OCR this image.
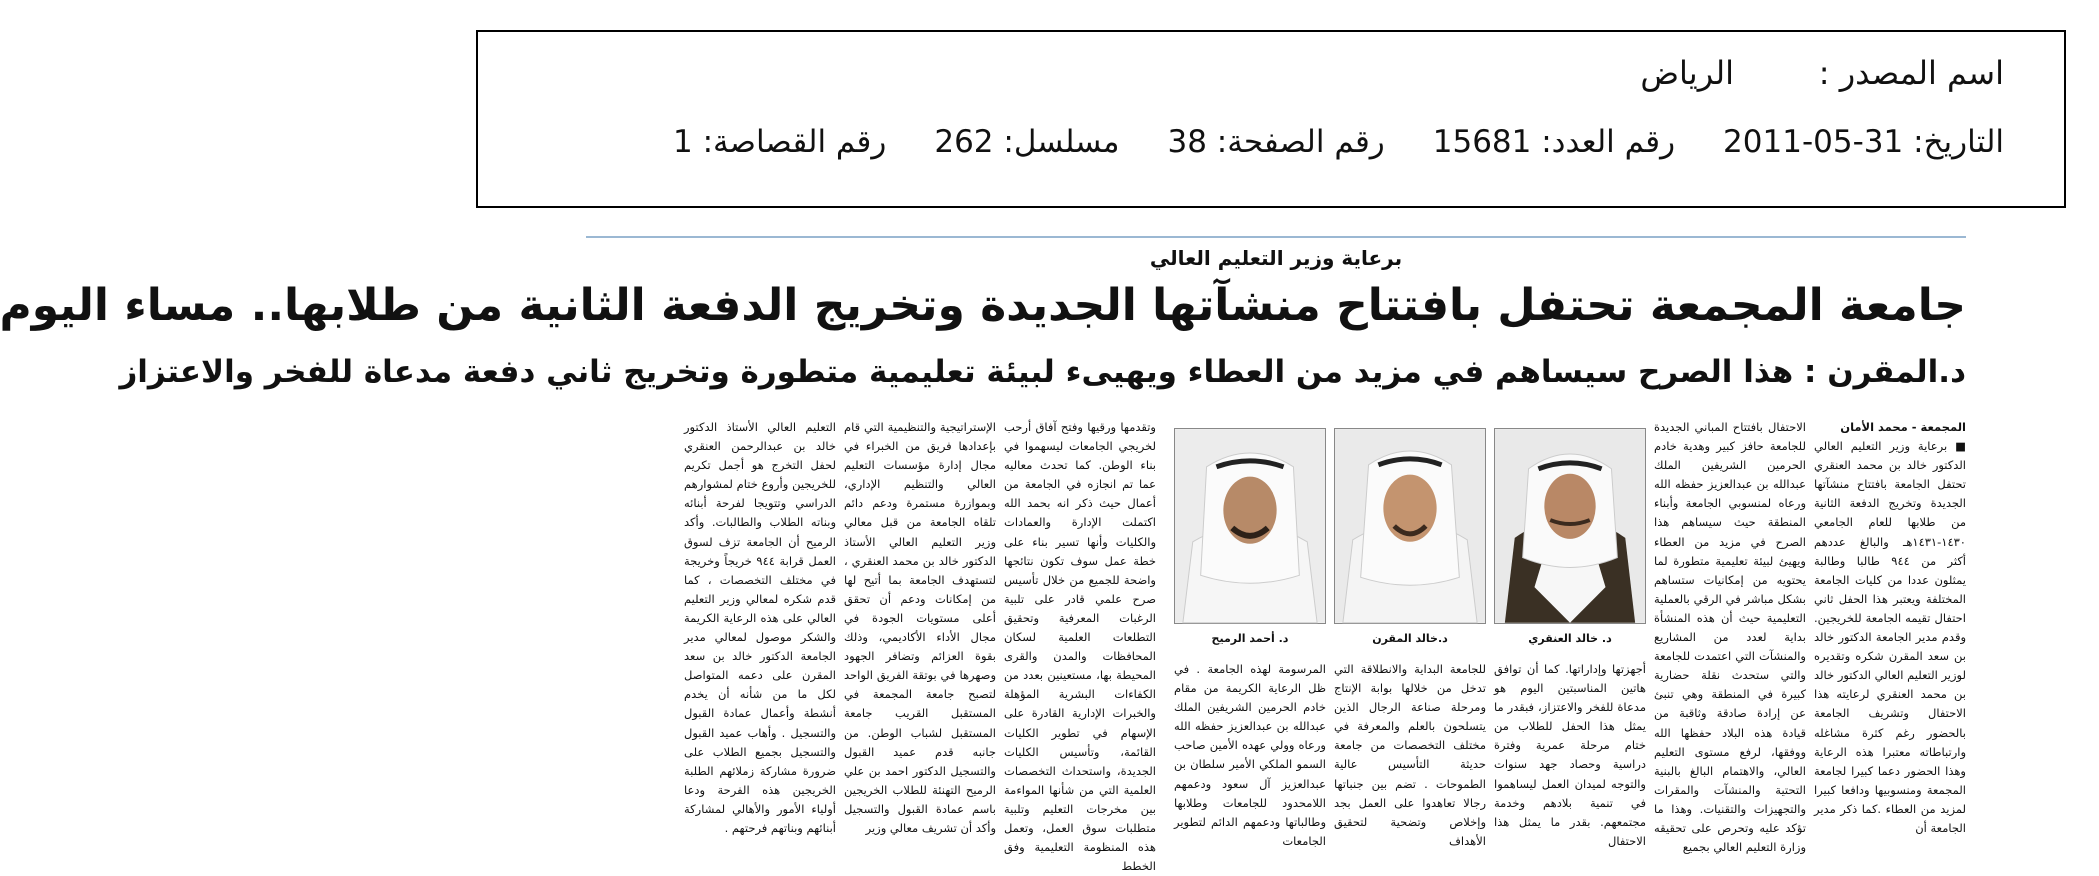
اسم المصدر :
الرياض
التاريخ: 31-05-2011
رقم العدد: 15681
رقم الصفحة: 38
مسلسل: 262
رقم القصاصة: 1
برعاية وزير التعليم العالي
جامعة المجمعة تحتفل بافتتاح منشآتها الجديدة وتخريج الدفعة الثانية من طلابها.. مساء اليوم
د.المقرن : هذا الصرح سيساهم في مزيد من العطاء ويهيىء لبيئة تعليمية متطورة وتخريج ثاني دفعة مدعاة للفخر والاعتزاز

المجمعة - محمد الأمان

■ برعاية وزير التعليم العالي الدكتور خالد بن محمد العنقري تحتفل الجامعة بافتتاح منشآتها الجديدة وتخريج الدفعة الثانية من طلابها للعام الجامعي ١٤٣٠-١٤٣١هـ والبالغ عددهم أكثر من ٩٤٤ طالبا وطالبة يمثلون عددا من كليات الجامعة المختلفة ويعتبر هذا الحفل ثاني احتفال تقيمه الجامعة للخريجين. وقدم مدير الجامعة الدكتور خالد بن سعد المقرن شكره وتقديره لوزير التعليم العالي الدكتور خالد بن محمد العنقري لرعايته هذا الاحتفال وتشريف الجامعة بالحضور رغم كثرة مشاغله وارتباطاته معتبرا هذه الرعاية وهذا الحضور دعما كبيرا لجامعة المجمعة ومنسوبيها ودافعا كبيرا لمزيد من العطاء .كما ذكر مدير الجامعة أن

الاحتفال بافتتاح المباني الجديدة للجامعة حافز كبير وهدية خادم الحرمين الشريفين الملك عبدالله بن عبدالعزيز حفظه الله ورعاه لمنسوبي الجامعة وأبناء المنطقة حيث سيساهم هذا الصرح في مزيد من العطاء ويهيئ لبيئة تعليمية متطورة لما يحتويه من إمكانيات ستساهم بشكل مباشر في الرقي بالعملية التعليمية حيث أن هذه المنشأة بداية لعدد من المشاريع والمنشآت التي اعتمدت للجامعة والتي ستحدث نقلة حضارية كبيرة في المنطقة وهي تنبئ عن إرادة صادقة وثاقبة من قيادة هذه البلاد حفظها الله ووفقها، لرفع مستوى التعليم العالي، والاهتمام البالغ بالبنية التحتية والمنشآت والمقرات والتجهيزات والتقنيات. وهذا ما تؤكد عليه وتحرص على تحقيقه وزارة التعليم العالي بجميع

د. خالد العنقري
د.خالد المقرن
د. أحمد الرميح

أجهزتها وإداراتها. كما أن توافق هاتين المناسبتين اليوم هو مدعاة للفخر والاعتزاز، فبقدر ما يمثل هذا الحفل للطلاب من ختام مرحلة عمرية وفترة دراسية وحصاد جهد سنوات والتوجه لميدان العمل ليساهموا في تنمية بلادهم وخدمة مجتمعهم. بقدر ما يمثل هذا الاحتفال

للجامعة البداية والانطلاقة التي تدخل من خلالها بوابة الإنتاج ومرحلة صناعة الرجال الذين يتسلحون بالعلم والمعرفة في مختلف التخصصات من جامعة حديثة التأسيس عالية الطموحات . تضم بين جنباتها رجالا تعاهدوا على العمل بجد وإخلاص وتضحية لتحقيق الأهداف

المرسومة لهذه الجامعة . في ظل الرعاية الكريمة من مقام خادم الحرمين الشريفين الملك عبدالله بن عبدالعزيز حفظه الله ورعاه وولي عهده الأمين صاحب السمو الملكي الأمير سلطان بن عبدالعزيز آل سعود ودعمهم اللامحدود للجامعات وطلابها وطالباتها ودعمهم الدائم لتطوير الجامعات

وتقدمها ورقيها وفتح آفاق أرحب لخريجي الجامعات ليسهموا في بناء الوطن. كما تحدث معاليه عما تم انجازه في الجامعة من أعمال حيث ذكر انه بحمد الله اكتملت الإدارة والعمادات والكليات وأنها تسير بناء على خطة عمل سوف تكون نتائجها واضحة للجميع من خلال تأسيس صرح علمي قادر على تلبية الرغبات المعرفية وتحقيق التطلعات العلمية لسكان المحافظات والمدن والقرى المحيطة بها، مستعينين بعدد من الكفاءات البشرية المؤهلة والخبرات الإدارية القادرة على الإسهام في تطوير الكليات القائمة، وتأسيس الكليات الجديدة، واستحداث التخصصات العلمية التي من شأنها المواءمة بين مخرجات التعليم وتلبية متطلبات سوق العمل، وتعمل هذه المنظومة التعليمية وفق الخطط

الإستراتيجية والتنظيمية التي قام بإعدادها فريق من الخبراء في مجال إدارة مؤسسات التعليم العالي والتنظيم الإداري، وبموازرة مستمرة ودعم دائم تلقاه الجامعة من قبل معالي وزير التعليم العالي الأستاذ الدكتور خالد بن محمد العنقري ، لتستهدف الجامعة بما أتيح لها من إمكانات ودعم أن تحقق أعلى مستويات الجودة في مجال الأداء الأكاديمي، وذلك بقوة العزائم وتضافر الجهود وصهرها في بوتقة الفريق الواحد لتصبح جامعة المجمعة في المستقبل القريب جامعة المستقبل لشباب الوطن. من جانبه قدم عميد القبول والتسجيل الدكتور احمد بن علي الرميح التهنئة للطلاب الخريجين باسم عمادة القبول والتسجيل وأكد أن تشريف معالي وزير

التعليم العالي الأستاذ الدكتور خالد بن عبدالرحمن العنقري لحفل التخرج هو أجمل تكريم للخريجين وأروع ختام لمشوارهم الدراسي وتتويجا لفرحة أبنائه وبناته الطلاب والطالبات. وأكد الرميح أن الجامعة تزف لسوق العمل قرابة ٩٤٤ خريجاً وخريجة في مختلف التخصصات ، كما قدم شكره لمعالي وزير التعليم العالي على هذه الرعاية الكريمة والشكر موصول لمعالي مدير الجامعة الدكتور خالد بن سعد المقرن على دعمه المتواصل لكل ما من شأنه أن يخدم أنشطة وأعمال عمادة القبول والتسجيل . وأهاب عميد القبول والتسجيل بجميع الطلاب على ضرورة مشاركة زملائهم الطلبة الخريجين هذه الفرحة ودعا أولياء الأمور والأهالي لمشاركة أبنائهم وبناتهم فرحتهم .
